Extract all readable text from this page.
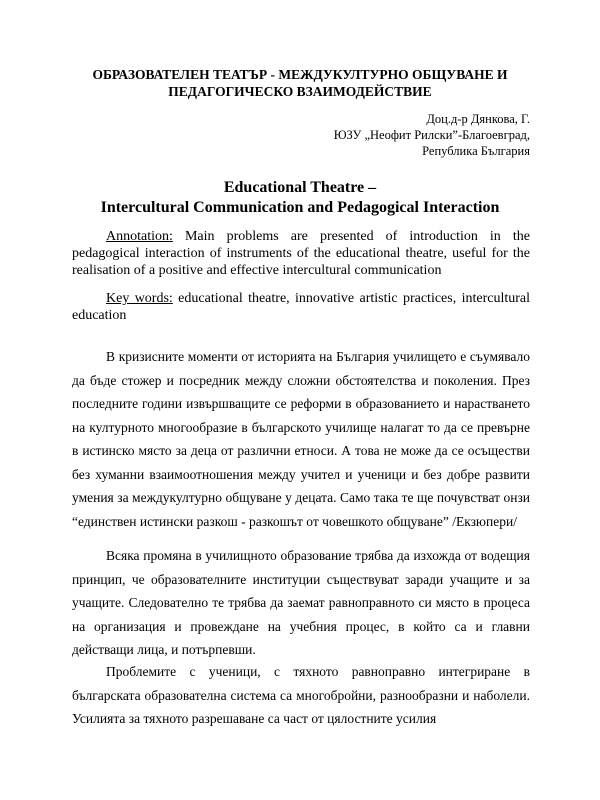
ОБРАЗОВАТЕЛЕН ТЕАТЪР - МЕЖДУКУЛТУРНО ОБЩУВАНЕ И
ПЕДАГОГИЧЕСКО ВЗАИМОДЕЙСТВИЕ
Доц.д-р Дянкова, Г.
ЮЗУ „Неофит Рилски”-Благоевград,
Република България
Educational Theatre –
Intercultural Communication and Pedagogical Interaction
Annotation: Main problems are presented of introduction in the pedagogical interaction of instruments of the educational theatre, useful for the realisation of a positive and effective intercultural communication
Key words: educational theatre, innovative artistic practices, intercultural education
В кризисните моменти от историята на България училището е съумявало да бъде стожер и посредник между сложни обстоятелства и поколения. През последните години извършващите се реформи в образованието и нарастването на културното многообразие в българското училище налагат то да се превърне в истинско място за деца от различни етноси. А това не може да се осъществи без хуманни взаимоотношения между учител и ученици и без добре развити умения за междукултурно общуване у децата. Само така те ще почувстват онзи “единствен истински разкош - разкошът от човешкото общуване” /Екзюпери/
Всяка промяна в училищното образование трябва да изхожда от водещия принцип, че образователните институции съществуват заради учащите и за учащите. Следователно те трябва да заемат равноправното си място в процеса на организация и провеждане на учебния процес, в който са и главни действащи лица, и потърпевши.
Проблемите с ученици, с тяхното равноправно интегриране в българската образователна система са многобройни, разнообразни и наболели. Усилията за тяхното разрешаване са част от цялостните усилия
